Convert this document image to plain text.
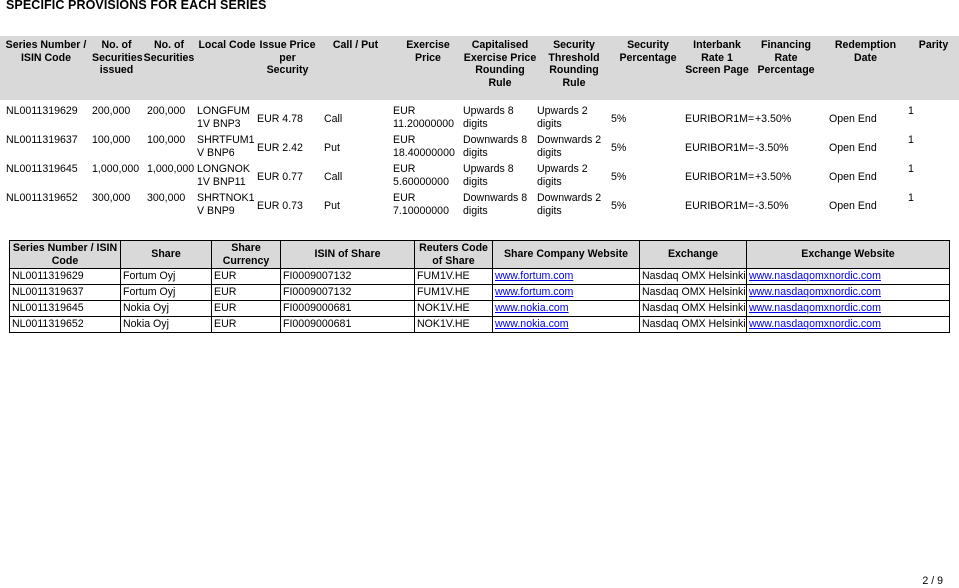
SPECIFIC PROVISIONS FOR EACH SERIES
Series Number / ISIN Code	No. of Securities issued	No. of Securities	Local Code	Issue Price per Security	Call / Put	Exercise Price	Capitalised Exercise Price Rounding Rule	Security Threshold Rounding Rule	Security Percentage	Interbank Rate 1 Screen Page	Financing Rate Percentage	Redemption Date	Parity

NL0011319629	200,000	200,000	LONGFUM 1V BNP3	EUR 4.78	Call	EUR 11.20000000	Upwards 8 digits	Upwards 2 digits	5%	EURIBOR1M=	+3.50%	Open End	1
NL0011319637	100,000	100,000	SHRTFUM1 V BNP6	EUR 2.42	Put	EUR 18.40000000	Downwards 8 digits	Downwards 2 digits	5%	EURIBOR1M=	-3.50%	Open End	1
NL0011319645	1,000,000	1,000,000	LONGNOK 1V BNP11	EUR 0.77	Call	EUR 5.60000000	Upwards 8 digits	Upwards 2 digits	5%	EURIBOR1M=	+3.50%	Open End	1
NL0011319652	300,000	300,000	SHRTNOK1 V BNP9	EUR 0.73	Put	EUR 7.10000000	Downwards 8 digits	Downwards 2 digits	5%	EURIBOR1M=	-3.50%	Open End	1
Series Number / ISIN Code	Share	Share Currency	ISIN of Share	Reuters Code of Share	Share Company Website	Exchange	Exchange Website
NL0011319629	Fortum Oyj	EUR	FI0009007132	FUM1V.HE	www.fortum.com	Nasdaq OMX Helsinki	www.nasdaqomxnordic.com
NL0011319637	Fortum Oyj	EUR	FI0009007132	FUM1V.HE	www.fortum.com	Nasdaq OMX Helsinki	www.nasdaqomxnordic.com
NL0011319645	Nokia Oyj	EUR	FI0009000681	NOK1V.HE	www.nokia.com	Nasdaq OMX Helsinki	www.nasdaqomxnordic.com
NL0011319652	Nokia Oyj	EUR	FI0009000681	NOK1V.HE	www.nokia.com	Nasdaq OMX Helsinki	www.nasdaqomxnordic.com
2 / 9
